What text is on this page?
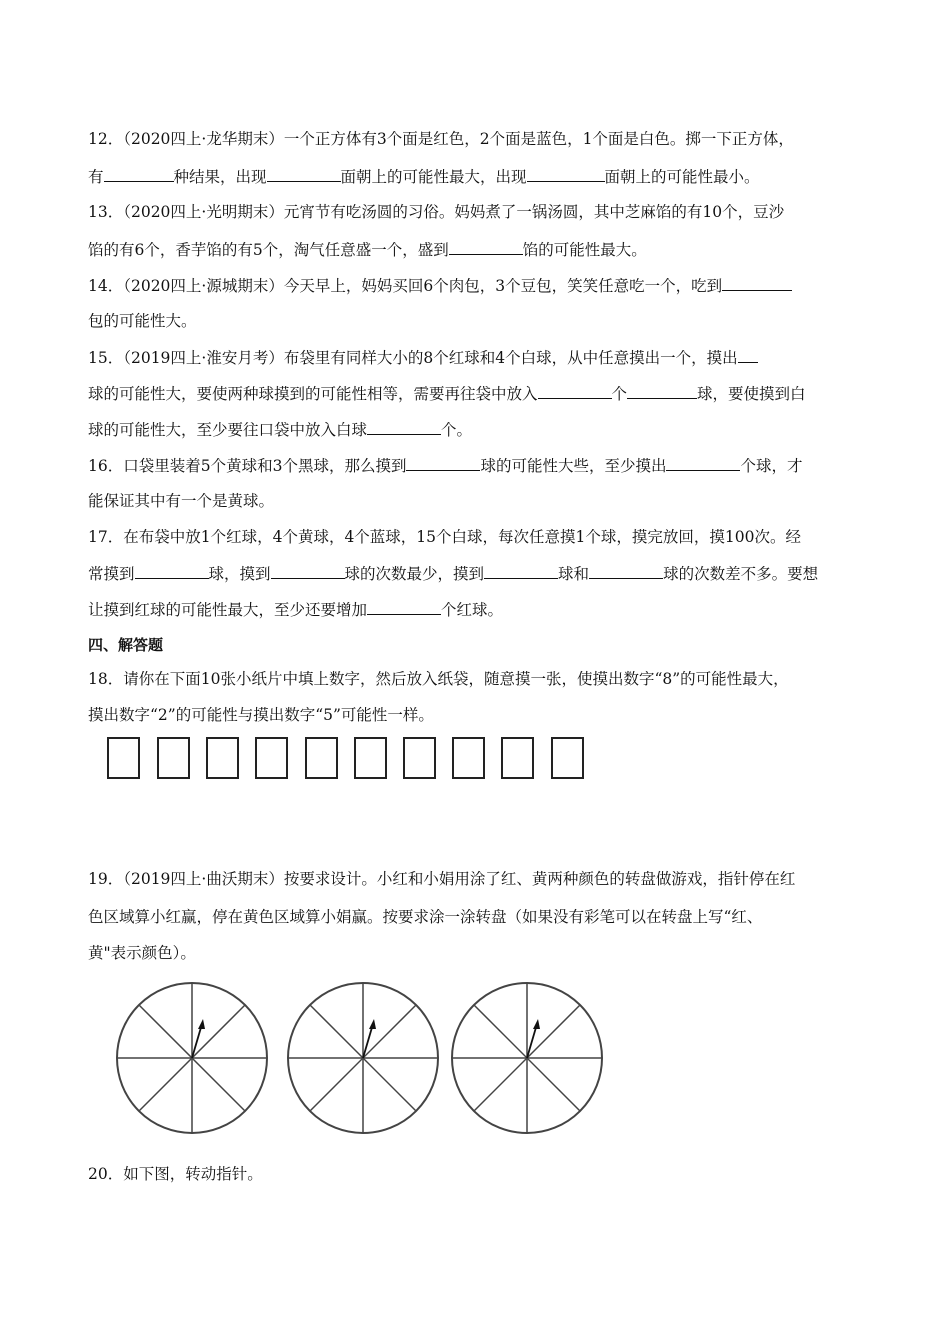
12．（2020四上·龙华期末）一个正方体有3个面是红色，2个面是蓝色，1个面是白色。掷一下正方体，
有	种结果，出现	面朝上的可能性最大，出现	面朝上的可能性最小。
13．（2020四上·光明期末）元宵节有吃汤圆的习俗。妈妈煮了一锅汤圆，其中芝麻馅的有10个，豆沙
馅的有6个，香芋馅的有5个，淘气任意盛一个，盛到	馅的可能性最大。
14．（2020四上·源城期末）今天早上，妈妈买回6个肉包，3个豆包，笑笑任意吃一个，吃到
包的可能性大。
15．（2019四上·淮安月考）布袋里有同样大小的8个红球和4个白球，从中任意摸出一个，摸出
球的可能性大，要使两种球摸到的可能性相等，需要再往袋中放入	个	球，要使摸到白
球的可能性大，至少要往口袋中放入白球	个。
16．口袋里装着5个黄球和3个黑球，那么摸到	球的可能性大些，至少摸出	个球，才
能保证其中有一个是黄球。
17．在布袋中放1个红球，4个黄球，4个蓝球，15个白球，每次任意摸1个球，摸完放回，摸100次。经
常摸到	球，摸到	球的次数最少，摸到	球和	球的次数差不多。要想
让摸到红球的可能性最大，至少还要增加	个红球。
四、解答题
18．请你在下面10张小纸片中填上数字，然后放入纸袋，随意摸一张，使摸出数字“8”的可能性最大，
摸出数字“2”的可能性与摸出数字“5”可能性一样。
19．（2019四上·曲沃期末）按要求设计。小红和小娟用涂了红、黄两种颜色的转盘做游戏，指针停在红
色区域算小红赢，停在黄色区域算小娟赢。按要求涂一涂转盘（如果没有彩笔可以在转盘上写“红、
黄"表示颜色）。
20．如下图，转动指针。
